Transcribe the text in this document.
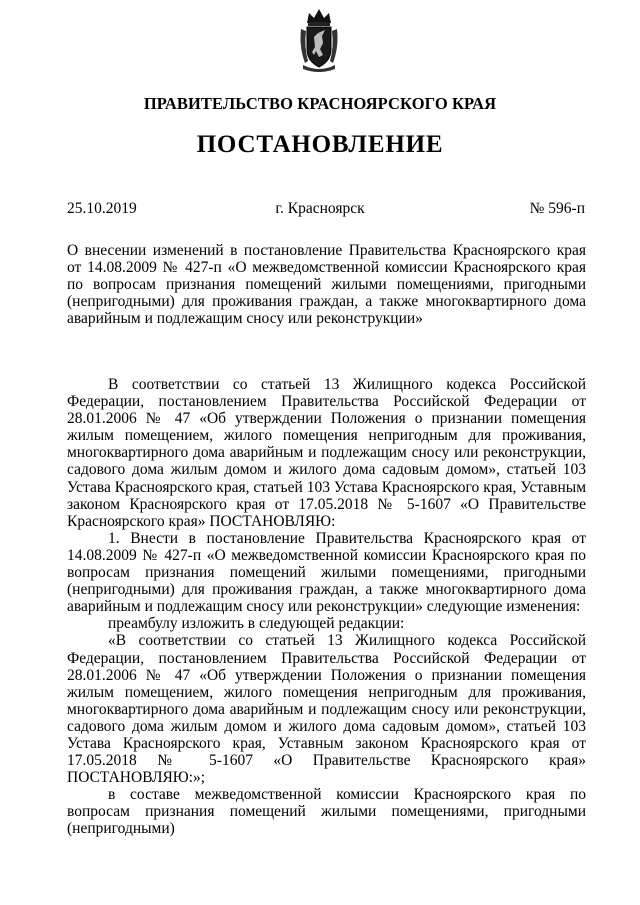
ПРАВИТЕЛЬСТВО КРАСНОЯРСКОГО КРАЯ
ПОСТАНОВЛЕНИЕ
25.10.2019	г. Красноярск	№ 596-п

О внесении изменений в постановление Правительства Красноярского края от 14.08.2009 № 427-п «О межведомственной комиссии Красноярского края по вопросам признания помещений жилыми помещениями, пригодными (непригодными) для проживания граждан, а также многоквартирного дома аварийным и подлежащим сносу или реконструкции»

В соответствии со статьей 13 Жилищного кодекса Российской Федерации, постановлением Правительства Российской Федерации от 28.01.2006 № 47 «Об утверждении Положения о признании помещения жилым помещением, жилого помещения непригодным для проживания, многоквартирного дома аварийным и подлежащим сносу или реконструкции, садового дома жилым домом и жилого дома садовым домом», статьей 103 Устава Красноярского края, статьей 103 Устава Красноярского края, Уставным законом Красноярского края от 17.05.2018 № 5-1607 «О Правительстве Красноярского края» ПОСТАНОВЛЯЮ:

1. Внести в постановление Правительства Красноярского края от 14.08.2009 № 427-п «О межведомственной комиссии Красноярского края по вопросам признания помещений жилыми помещениями, пригодными (непригодными) для проживания граждан, а также многоквартирного дома аварийным и подлежащим сносу или реконструкции» следующие изменения:

преамбулу изложить в следующей редакции:

«В соответствии со статьей 13 Жилищного кодекса Российской Федерации, постановлением Правительства Российской Федерации от 28.01.2006 № 47 «Об утверждении Положения о признании помещения жилым помещением, жилого помещения непригодным для проживания, многоквартирного дома аварийным и подлежащим сносу или реконструкции, садового дома жилым домом и жилого дома садовым домом», статьей 103 Устава Красноярского края, Уставным законом Красноярского края от 17.05.2018 № 5-1607 «О Правительстве Красноярского края» ПОСТАНОВЛЯЮ:»;

в составе межведомственной комиссии Красноярского края по вопросам признания помещений жилыми помещениями, пригодными (непригодными)
